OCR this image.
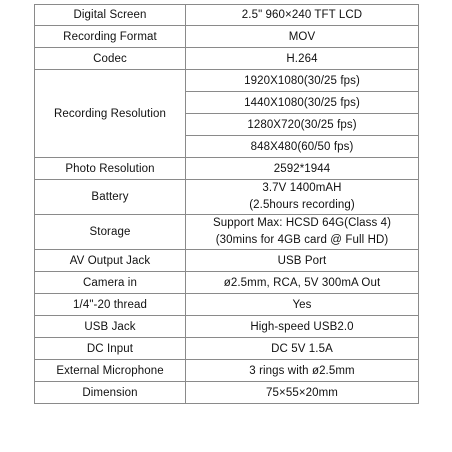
Digital Screen	2.5" 960×240 TFT LCD
Recording Format	MOV
Codec	H.264
Recording Resolution	1920X1080(30/25 fps)
	1440X1080(30/25 fps)
	1280X720(30/25 fps)
	848X480(60/50 fps)
Photo Resolution	2592*1944
Battery	3.7V 1400mAH
(2.5hours recording)

Storage	Support Max: HCSD 64G(Class 4)
(30mins for 4GB card @ Full HD)

AV Output Jack	USB Port
Camera in	ø2.5mm, RCA, 5V 300mA Out
1/4"-20 thread	Yes
USB Jack	High-speed USB2.0
DC Input	DC 5V 1.5A
External Microphone	3 rings with ø2.5mm
Dimension	75×55×20mm
